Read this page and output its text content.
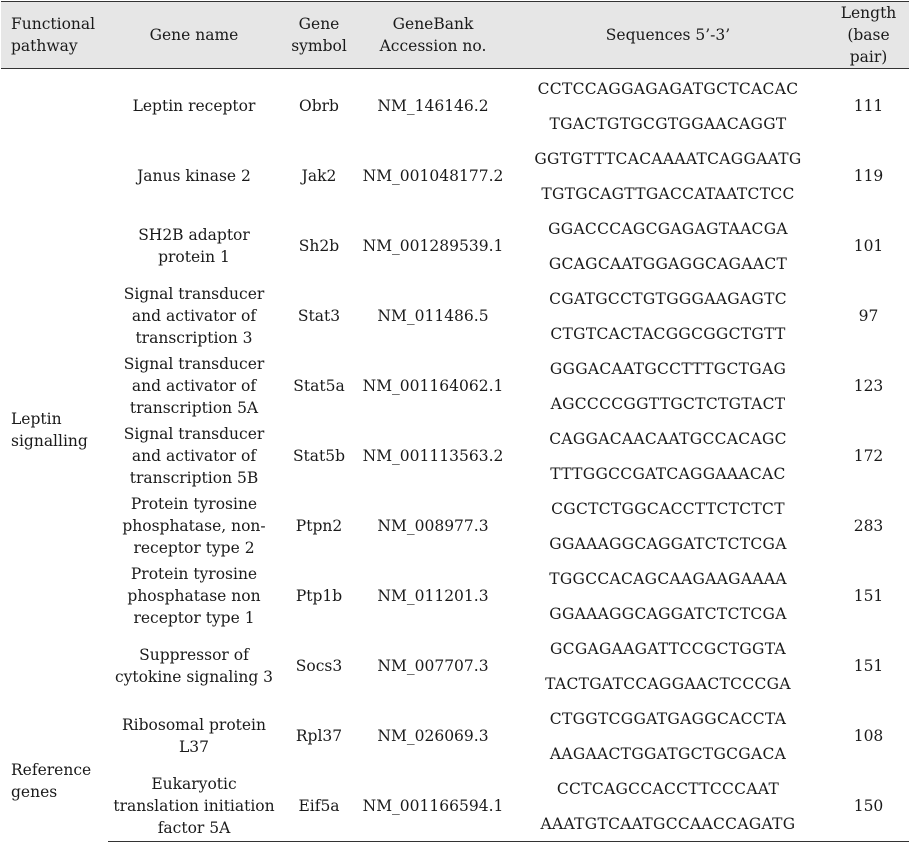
Functional pathway	Gene name	Gene symbol	GeneBank Accession no.	Sequences 5’-3’	Length (base pair)
Leptin signalling	Leptin receptor	Obrb	NM_146146.2	CCTCCAGGAGAGATGCTCACAC	111
				TGACTGTGCGTGGAACAGGT	
	Janus kinase 2	Jak2	NM_001048177.2	GGTGTTTCACAAAATCAGGAATG	119
				TGTGCAGTTGACCATAATCTCC	
	SH2B adaptor protein 1	Sh2b	NM_001289539.1	GGACCCAGCGAGAGTAACGA	101
				GCAGCAATGGAGGCAGAACT	
	Signal transducer and activator of transcription 3	Stat3	NM_011486.5	CGATGCCTGTGGGAAGAGTC	97
				CTGTCACTACGGCGGCTGTT	
	Signal transducer and activator of transcription 5A	Stat5a	NM_001164062.1	GGGACAATGCCTTTGCTGAG	123
				AGCCCCGGTTGCTCTGTACT	
	Signal transducer and activator of transcription 5B	Stat5b	NM_001113563.2	CAGGACAACAATGCCACAGC	172
				TTTGGCCGATCAGGAAACAC	
	Protein tyrosine phosphatase, non-receptor type 2	Ptpn2	NM_008977.3	CGCTCTGGCACCTTCTCTCT	283
				GGAAAGGCAGGATCTCTCGA	
	Protein tyrosine phosphatase non receptor type 1	Ptp1b	NM_011201.3	TGGCCACAGCAAGAAGAAAA	151
				GGAAAGGCAGGATCTCTCGA	
	Suppressor of cytokine signaling 3	Socs3	NM_007707.3	GCGAGAAGATTCCGCTGGTA	151
				TACTGATCCAGGAACTCCCGA	
Reference genes	Ribosomal protein L37	Rpl37	NM_026069.3	CTGGTCGGATGAGGCACCTA	108
				AAGAACTGGATGCTGCGACA	
	Eukaryotic translation initiation factor 5A	Eif5a	NM_001166594.1	CCTCAGCCACCTTCCCAAT	150
				AAATGTCAATGCCAACCAGATG	
